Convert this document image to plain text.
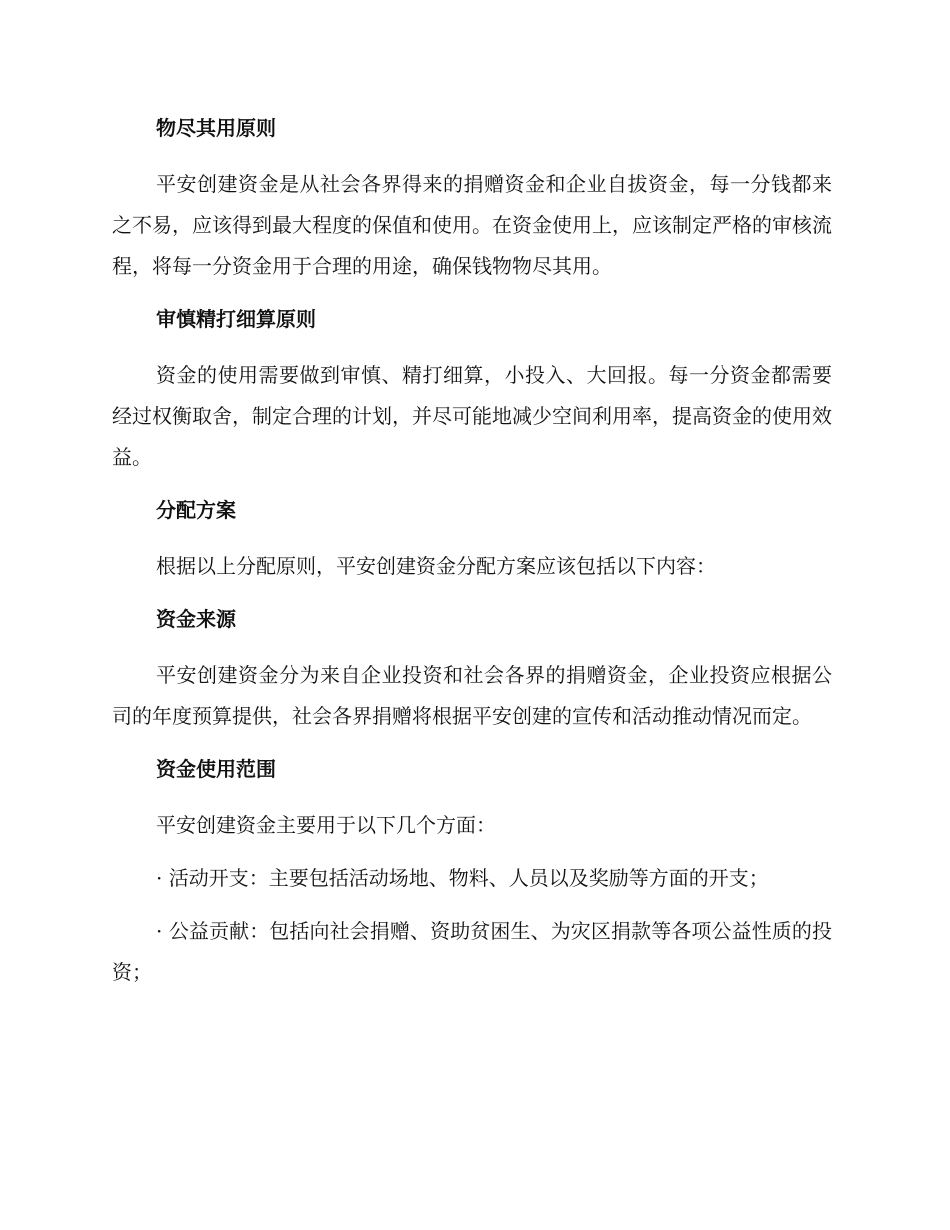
物尽其用原则

平安创建资金是从社会各界得来的捐赠资金和企业自拔资金，每一分钱都来之不易，应该得到最大程度的保值和使用。在资金使用上，应该制定严格的审核流程，将每一分资金用于合理的用途，确保钱物物尽其用。

审慎精打细算原则

资金的使用需要做到审慎、精打细算，小投入、大回报。每一分资金都需要经过权衡取舍，制定合理的计划，并尽可能地减少空间利用率，提高资金的使用效益。

分配方案

根据以上分配原则，平安创建资金分配方案应该包括以下内容：

资金来源

平安创建资金分为来自企业投资和社会各界的捐赠资金，企业投资应根据公司的年度预算提供，社会各界捐赠将根据平安创建的宣传和活动推动情况而定。

资金使用范围

平安创建资金主要用于以下几个方面：

· 活动开支：主要包括活动场地、物料、人员以及奖励等方面的开支；

· 公益贡献：包括向社会捐赠、资助贫困生、为灾区捐款等各项公益性质的投资；
